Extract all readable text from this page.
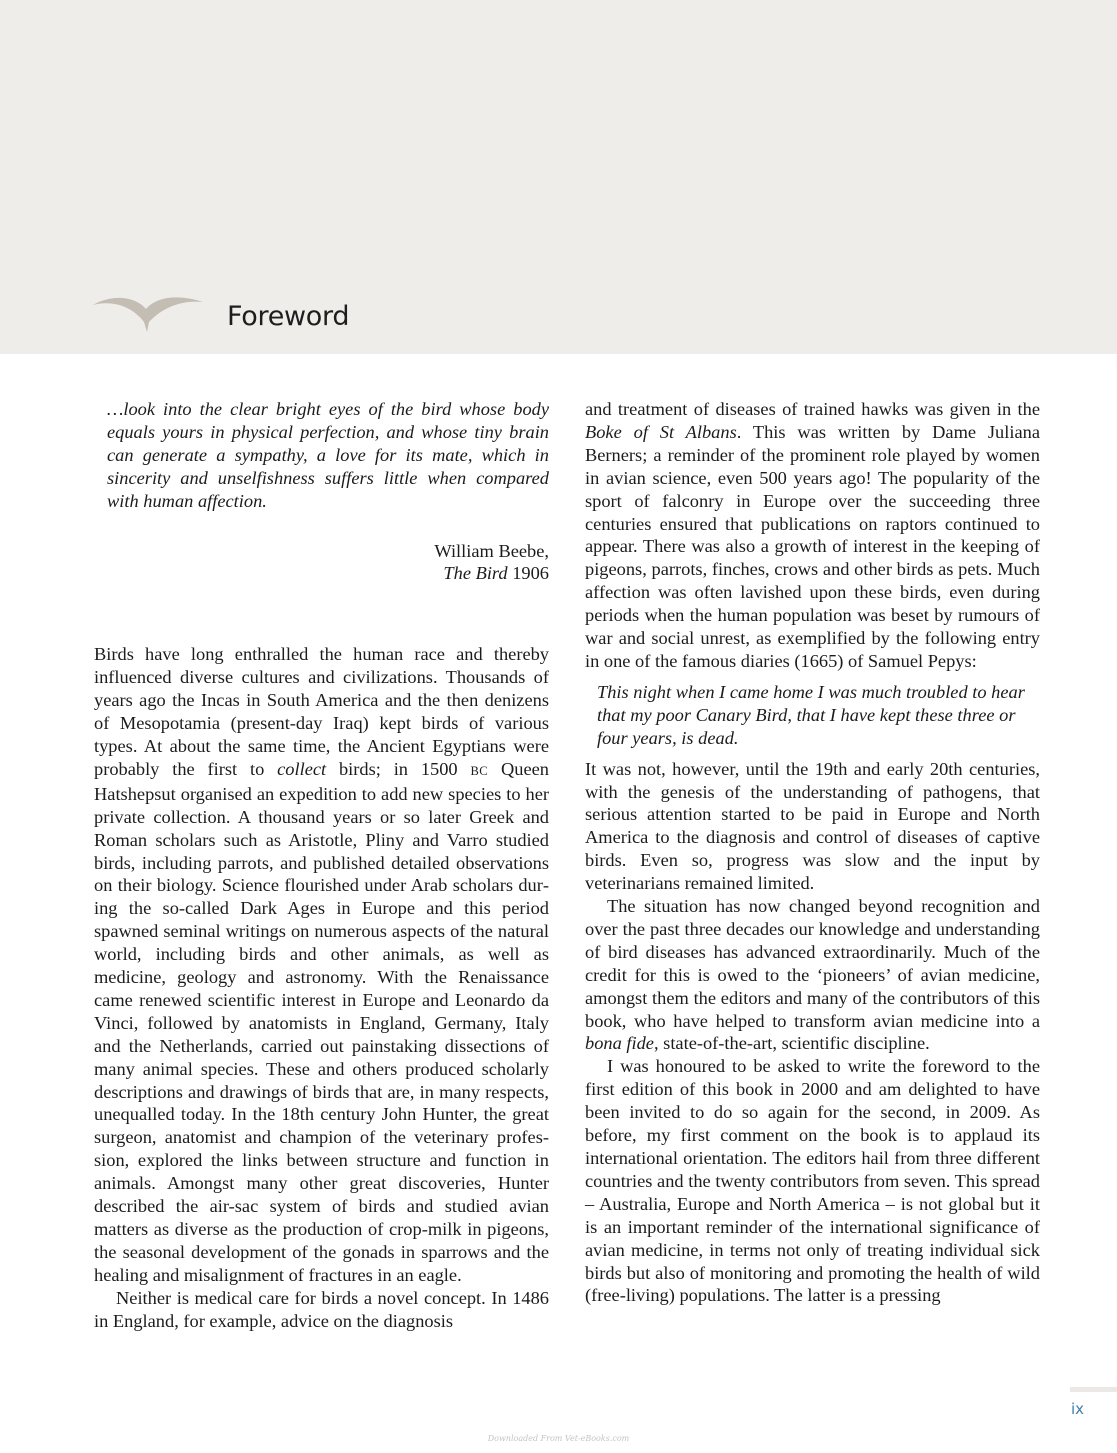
Foreword

…look into the clear bright eyes of the bird whose body equals yours in physical perfection, and whose tiny brain can generate a sympathy, a love for its mate, which in sincerity and unselfishness suffers little when compared with human affection.

William Beebe,
The Bird 1906

Birds have long enthralled the human race and thereby influenced diverse cultures and civilizations. Thousands of years ago the Incas in South America and the then denizens of Mesopotamia (present-day Iraq) kept birds of various types. At about the same time, the Ancient Egyptians were probably the first to collect birds; in 1500 BC Queen Hatshepsut organised an expedition to add new species to her private collection. A thousand years or so later Greek and Roman scholars such as Aristotle, Pliny and Varro studied birds, including parrots, and published detailed observations on their biology. Science flourished under Arab scholars during the so-called Dark Ages in Europe and this period spawned seminal writings on numerous aspects of the natural world, including birds and other animals, as well as medicine, geology and astronomy. With the Renaissance came renewed scientific interest in Europe and Leonardo da Vinci, followed by anatomists in England, Germany, Italy and the Netherlands, carried out painstaking dissections of many animal species. These and others produced scholarly descriptions and drawings of birds that are, in many respects, unequalled today. In the 18th century John Hunter, the great surgeon, anatomist and champion of the veterinary profession, explored the links between structure and function in animals. Amongst many other great discoveries, Hunter described the air-sac system of birds and studied avian matters as diverse as the production of crop-milk in pigeons, the seasonal development of the gonads in sparrows and the healing and misalignment of fractures in an eagle.

Neither is medical care for birds a novel concept. In 1486 in England, for example, advice on the diagnosis

and treatment of diseases of trained hawks was given in the Boke of St Albans. This was written by Dame Juliana Berners; a reminder of the prominent role played by women in avian science, even 500 years ago! The popularity of the sport of falconry in Europe over the succeeding three centuries ensured that publications on raptors continued to appear. There was also a growth of interest in the keeping of pigeons, parrots, finches, crows and other birds as pets. Much affection was often lavished upon these birds, even during periods when the human population was beset by rumours of war and social unrest, as exemplified by the following entry in one of the famous diaries (1665) of Samuel Pepys:

This night when I came home I was much troubled to hear that my poor Canary Bird, that I have kept these three or four years, is dead.

It was not, however, until the 19th and early 20th centuries, with the genesis of the understanding of pathogens, that serious attention started to be paid in Europe and North America to the diagnosis and control of diseases of captive birds. Even so, progress was slow and the input by veterinarians remained limited.

The situation has now changed beyond recognition and over the past three decades our knowledge and understanding of bird diseases has advanced extraordinarily. Much of the credit for this is owed to the ‘pioneers’ of avian medicine, amongst them the editors and many of the contributors of this book, who have helped to transform avian medicine into a bona fide, state-of-the-art, scientific discipline.

I was honoured to be asked to write the foreword to the first edition of this book in 2000 and am delighted to have been invited to do so again for the second, in 2009. As before, my first comment on the book is to applaud its international orientation. The editors hail from three different countries and the twenty contributors from seven. This spread – Australia, Europe and North America – is not global but it is an important reminder of the international significance of avian medicine, in terms not only of treating individual sick birds but also of monitoring and promoting the health of wild (free-living) populations. The latter is a pressing

ix
Downloaded From Vet-eBooks.com
